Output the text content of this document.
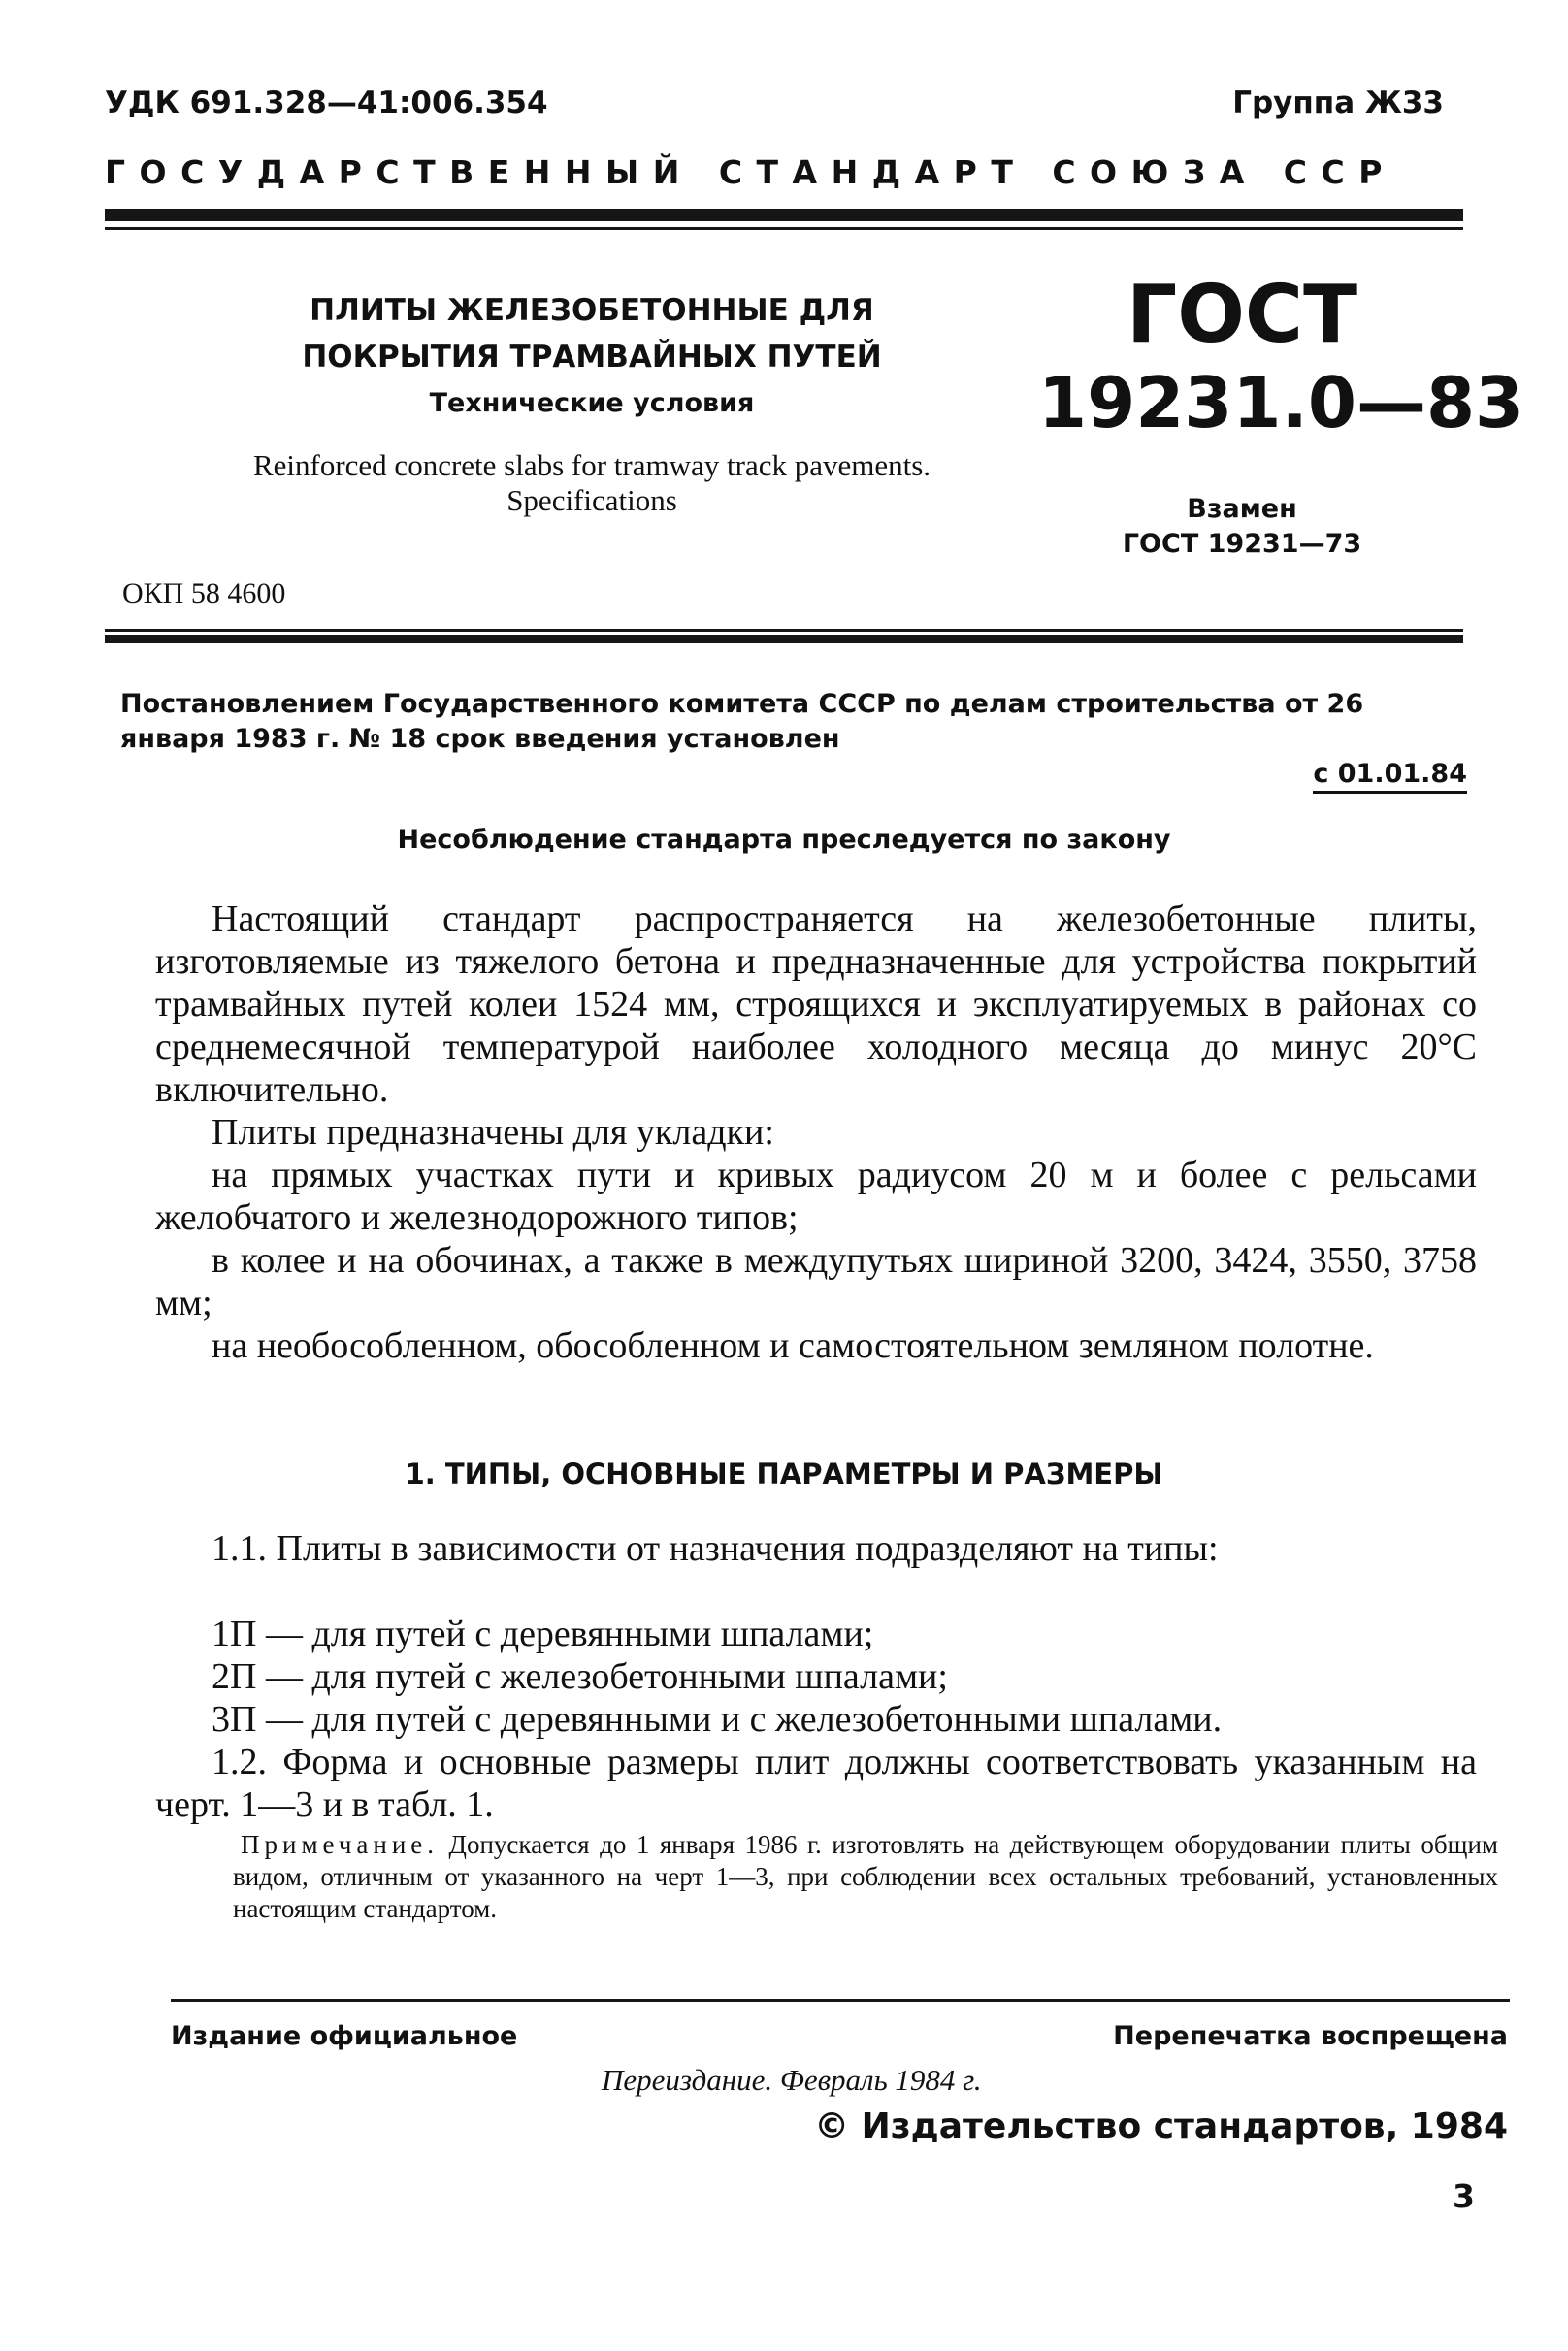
УДК 691.328—41:006.354	Группа Ж33
ГОСУДАРСТВЕННЫЙ СТАНДАРТ СОЮЗА ССР
ПЛИТЫ ЖЕЛЕЗОБЕТОННЫЕ ДЛЯ ПОКРЫТИЯ ТРАМВАЙНЫХ ПУТЕЙ
Технические условия
Reinforced concrete slabs for tramway track pavements. Specifications
ОКП 58 4600
ГОСТ
19231.0—83
Взамен
ГОСТ 19231—73
Постановлением Государственного комитета СССР по делам строительства от 26 января 1983 г. № 18 срок введения установлен
с 01.01.84
Несоблюдение стандарта преследуется по закону
Настоящий стандарт распространяется на железобетонные плиты, изготовляемые из тяжелого бетона и предназначенные для устройства покрытий трамвайных путей колеи 1524 мм, строящихся и эксплуатируемых в районах со среднемесячной температурой наиболее холодного месяца до минус 20°С включительно.
Плиты предназначены для укладки:
на прямых участках пути и кривых радиусом 20 м и более с рельсами желобчатого и железнодорожного типов;
в колее и на обочинах, а также в междупутьях шириной 3200, 3424, 3550, 3758 мм;
на необособленном, обособленном и самостоятельном земляном полотне.
1. ТИПЫ, ОСНОВНЫЕ ПАРАМЕТРЫ И РАЗМЕРЫ
1.1. Плиты в зависимости от назначения подразделяют на типы:
1П — для путей с деревянными шпалами;
2П — для путей с железобетонными шпалами;
3П — для путей с деревянными и с железобетонными шпалами.
1.2. Форма и основные размеры плит должны соответствовать указанным на черт. 1—3 и в табл. 1.
Примечание. Допускается до 1 января 1986 г. изготовлять на действующем оборудовании плиты общим видом, отличным от указанного на черт 1—3, при соблюдении всех остальных требований, установленных настоящим стандартом.
Издание официальное	Перепечатка воспрещена
Переиздание. Февраль 1984 г.
© Издательство стандартов, 1984
3
